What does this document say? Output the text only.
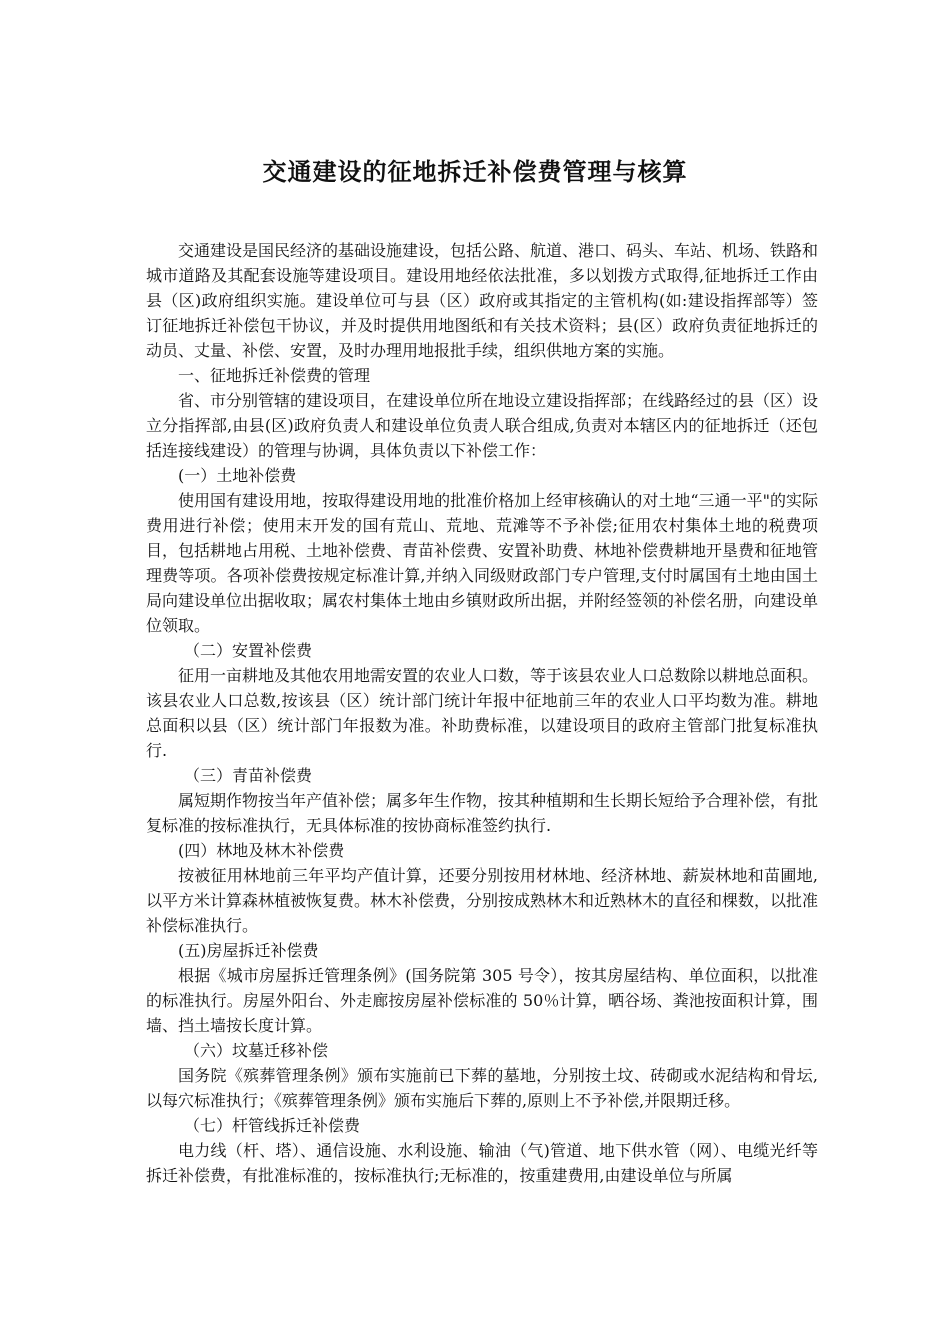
交通建设的征地拆迁补偿费管理与核算

交通建设是国民经济的基础设施建设，包括公路、航道、港口、码头、车站、机场、铁路和城市道路及其配套设施等建设项目。建设用地经依法批准，多以划拨方式取得,征地拆迁工作由县（区)政府组织实施。建设单位可与县（区）政府或其指定的主管机构(如:建设指挥部等）签订征地拆迁补偿包干协议，并及时提供用地图纸和有关技术资料；县(区）政府负责征地拆迁的动员、丈量、补偿、安置，及时办理用地报批手续，组织供地方案的实施。

一、征地拆迁补偿费的管理

省、市分别管辖的建设项目，在建设单位所在地设立建设指挥部；在线路经过的县（区）设立分指挥部,由县(区)政府负责人和建设单位负责人联合组成,负责对本辖区内的征地拆迁（还包括连接线建设）的管理与协调，具体负责以下补偿工作：

(一）土地补偿费

使用国有建设用地，按取得建设用地的批准价格加上经审核确认的对土地“三通一平"的实际费用进行补偿；使用末开发的国有荒山、荒地、荒滩等不予补偿;征用农村集体土地的税费项目，包括耕地占用税、土地补偿费、青苗补偿费、安置补助费、林地补偿费耕地开垦费和征地管理费等项。各项补偿费按规定标准计算,并纳入同级财政部门专户管理,支付时属国有土地由国土局向建设单位出据收取；属农村集体土地由乡镇财政所出据，并附经签领的补偿名册，向建设单位领取。

（二）安置补偿费

征用一亩耕地及其他农用地需安置的农业人口数，等于该县农业人口总数除以耕地总面积。该县农业人口总数,按该县（区）统计部门统计年报中征地前三年的农业人口平均数为准。耕地总面积以县（区）统计部门年报数为准。补助费标准，以建设项目的政府主管部门批复标准执行.

（三）青苗补偿费

属短期作物按当年产值补偿；属多年生作物，按其种植期和生长期长短给予合理补偿，有批复标准的按标准执行，无具体标准的按协商标准签约执行.

(四）林地及林木补偿费

按被征用林地前三年平均产值计算，还要分别按用材林地、经济林地、薪炭林地和苗圃地,以平方米计算森林植被恢复费。林木补偿费，分别按成熟林木和近熟林木的直径和棵数，以批准补偿标准执行。

(五)房屋拆迁补偿费

根据《城市房屋拆迁管理条例》(国务院第 305 号令），按其房屋结构、单位面积，以批准的标准执行。房屋外阳台、外走廊按房屋补偿标准的 50％计算，晒谷场、粪池按面积计算，围墙、挡土墙按长度计算。

（六）坟墓迁移补偿

国务院《殡葬管理条例》颁布实施前已下葬的墓地，分别按土坟、砖砌或水泥结构和骨坛,以每穴标准执行；《殡葬管理条例》颁布实施后下葬的,原则上不予补偿,并限期迁移。

（七）杆管线拆迁补偿费

电力线（杆、塔）、通信设施、水利设施、输油（气)管道、地下供水管（网）、电缆光纤等拆迁补偿费，有批准标准的，按标准执行;无标准的，按重建费用,由建设单位与所属
